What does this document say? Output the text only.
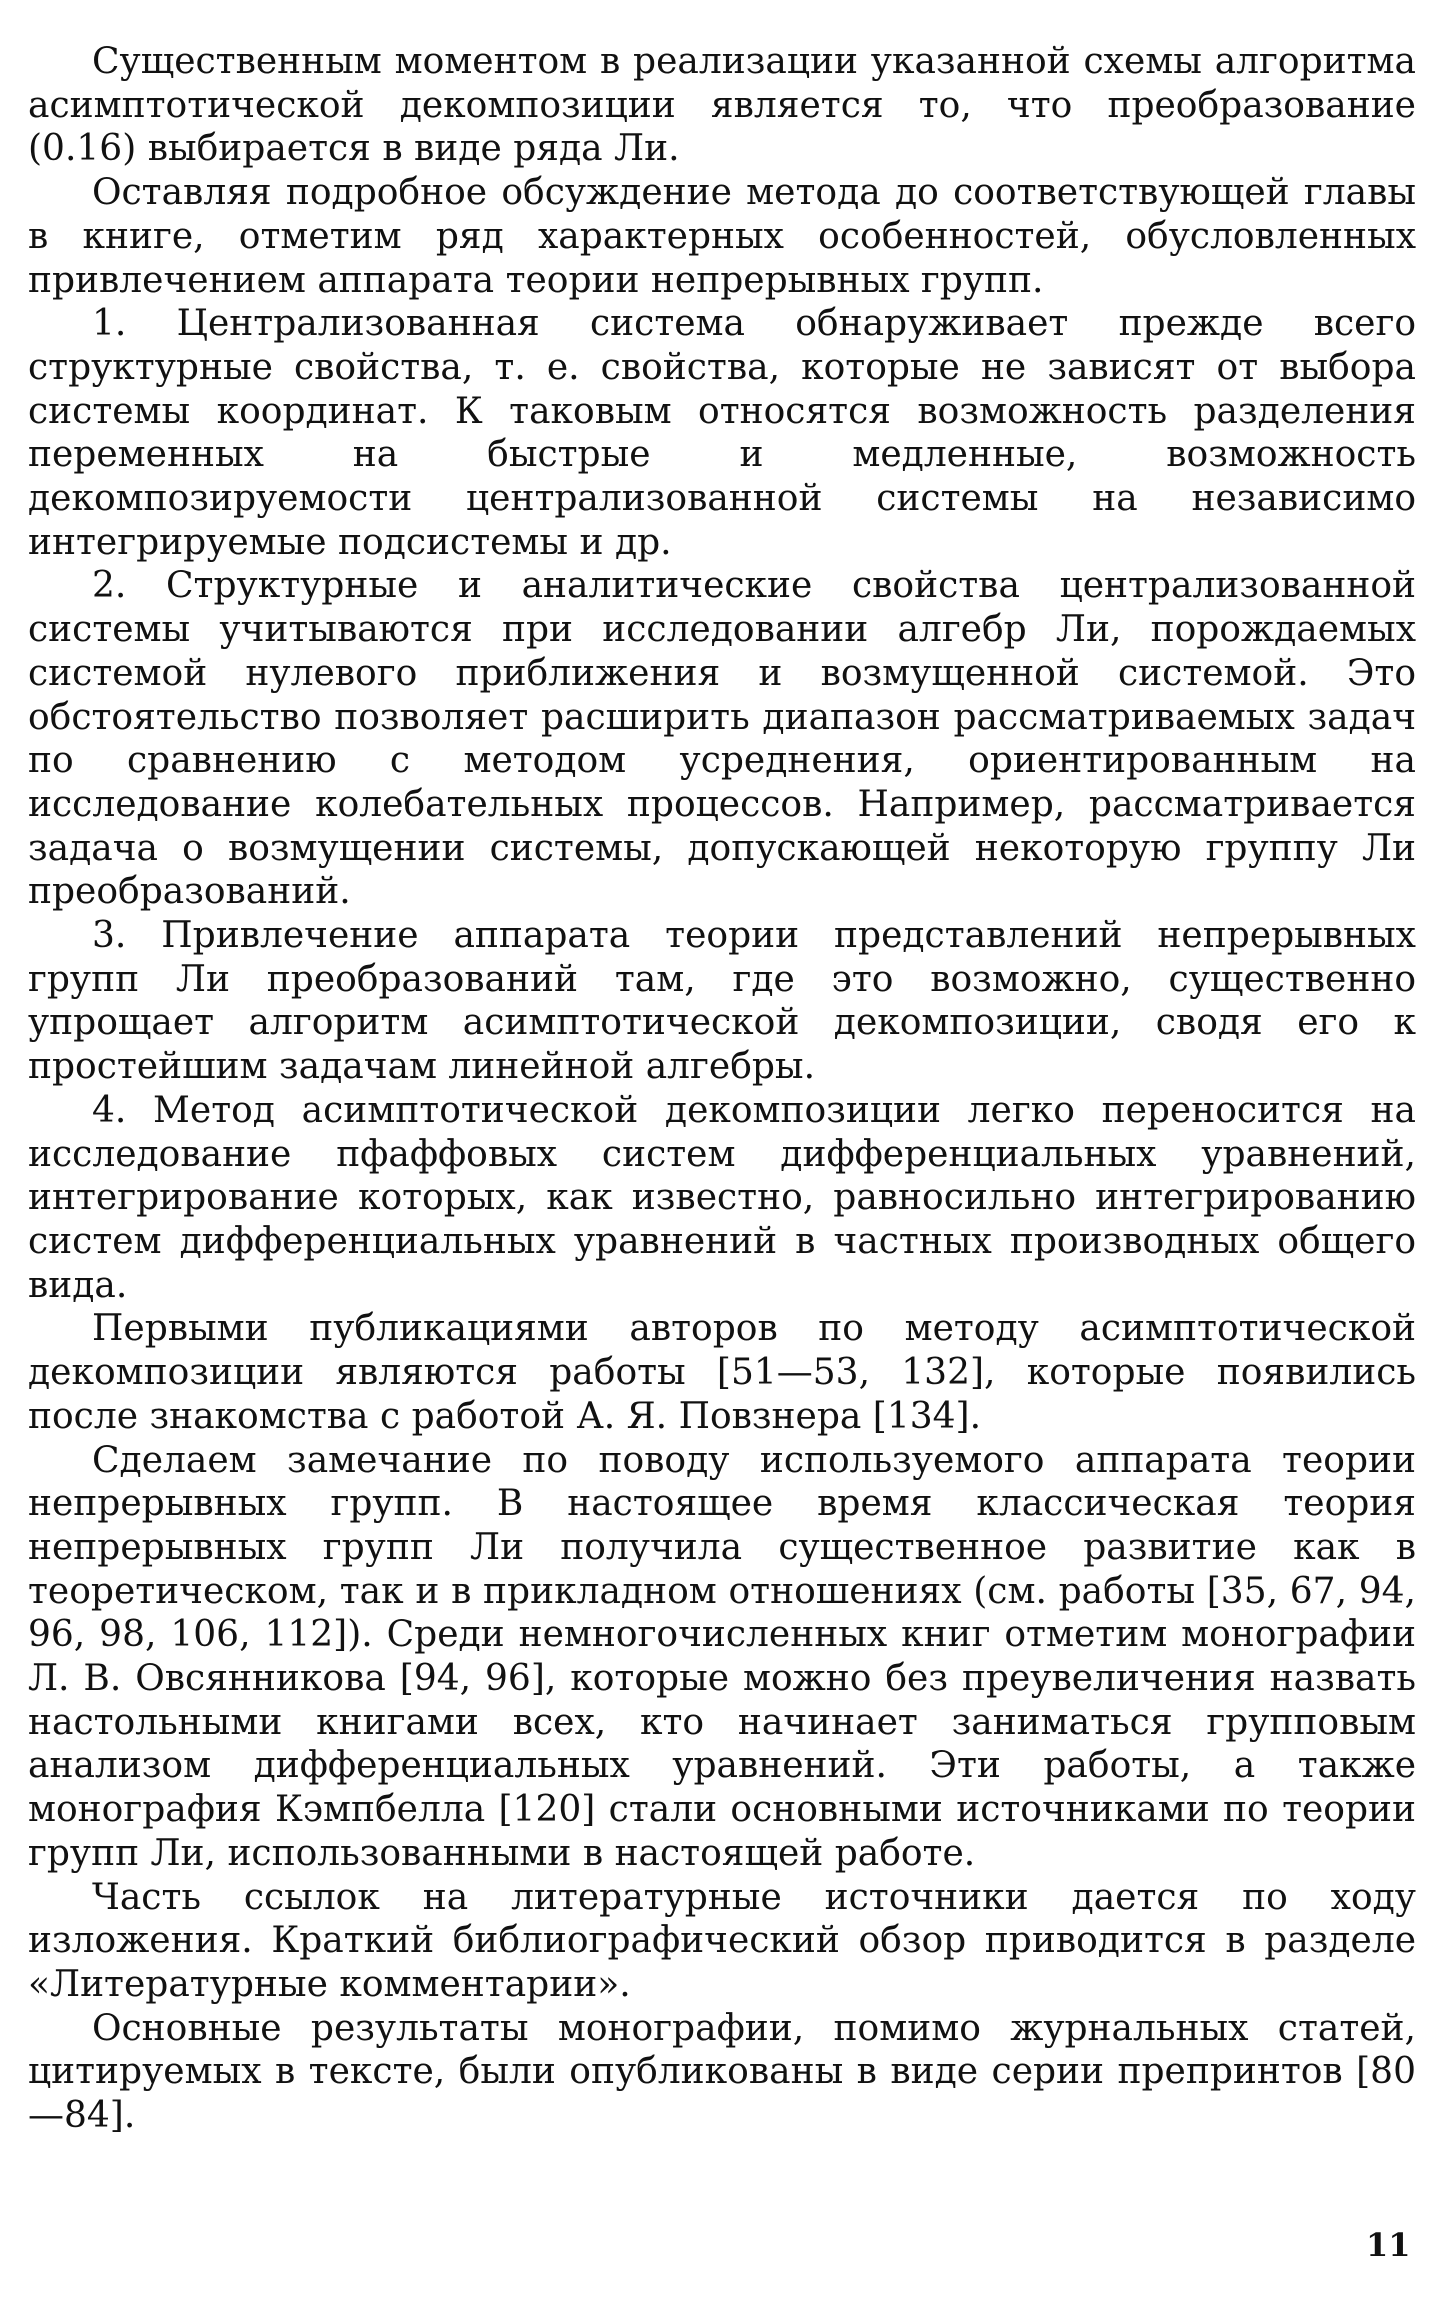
Существенным моментом в реализации указанной схемы алгоритма асимптотической декомпозиции является то, что преобразование (0.16) выбирается в виде ряда Ли.

Оставляя подробное обсуждение метода до соответствующей главы в книге, отметим ряд характерных особенностей, обусловленных привлечением аппарата теории непрерывных групп.

1. Централизованная система обнаруживает прежде всего структурные свойства, т. е. свойства, которые не зависят от выбора системы координат. К таковым относятся возможность разделения переменных на быстрые и медленные, возможность декомпозируемости централизованной системы на независимо интегрируемые подсистемы и др.

2. Структурные и аналитические свойства централизованной системы учитываются при исследовании алгебр Ли, порождаемых системой нулевого приближения и возмущенной системой. Это обстоятельство позволяет расширить диапазон рассматриваемых задач по сравнению с методом усреднения, ориентированным на исследование колебательных процессов. Например, рассматривается задача о возмущении системы, допускающей некоторую группу Ли преобразований.

3. Привлечение аппарата теории представлений непрерывных групп Ли преобразований там, где это возможно, существенно упрощает алгоритм асимптотической декомпозиции, сводя его к простейшим задачам линейной алгебры.

4. Метод асимптотической декомпозиции легко переносится на исследование пфаффовых систем дифференциальных уравнений, интегрирование которых, как известно, равносильно интегрированию систем дифференциальных уравнений в частных производных общего вида.

Первыми публикациями авторов по методу асимптотической декомпозиции являются работы [51—53, 132], которые появились после знакомства с работой А. Я. Повзнера [134].

Сделаем замечание по поводу используемого аппарата теории непрерывных групп. В настоящее время классическая теория непрерывных групп Ли получила существенное развитие как в теоретическом, так и в прикладном отношениях (см. работы [35, 67, 94, 96, 98, 106, 112]). Среди немногочисленных книг отметим монографии Л. В. Овсянникова [94, 96], которые можно без преувеличения назвать настольными книгами всех, кто начинает заниматься групповым анализом дифференциальных уравнений. Эти работы, а также монография Кэмпбелла [120] стали основными источниками по теории групп Ли, использованными в настоящей работе.

Часть ссылок на литературные источники дается по ходу изложения. Краткий библиографический обзор приводится в разделе «Литературные комментарии».

Основные результаты монографии, помимо журнальных статей, цитируемых в тексте, были опубликованы в виде серии препринтов [80—84].

11
